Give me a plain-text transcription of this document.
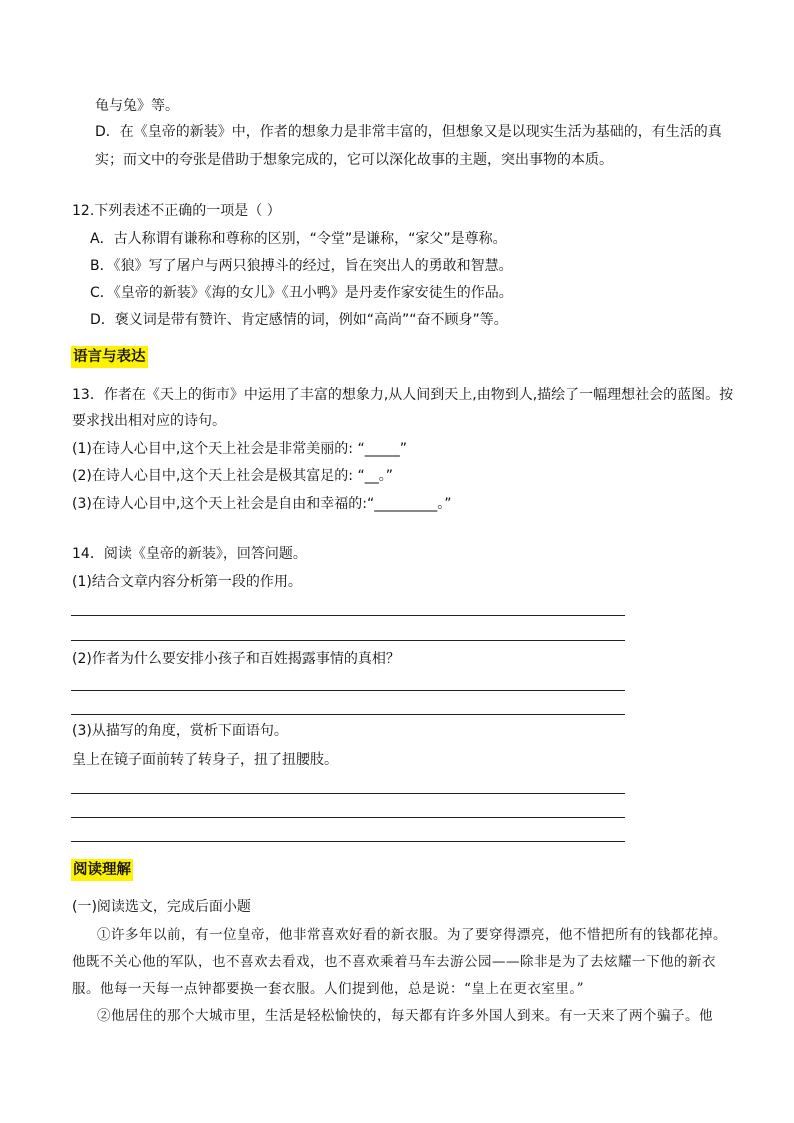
龟与兔》等。
D．在《皇帝的新装》中，作者的想象力是非常丰富的，但想象又是以现实生活为基础的，有生活的真
实；而文中的夸张是借助于想象完成的，它可以深化故事的主题，突出事物的本质。
12.下列表述不正确的一项是（ ）
A．古人称谓有谦称和尊称的区别，“令堂”是谦称，“家父”是尊称。
B．《狼》写了屠户与两只狼搏斗的经过，旨在突出人的勇敢和智慧。
C．《皇帝的新装》《海的女儿》《丑小鸭》是丹麦作家安徒生的作品。
D．褒义词是带有赞许、肯定感情的词，例如“高尚”“奋不顾身”等。
语言与表达
13．作者在《天上的街市》中运用了丰富的想象力,从人间到天上,由物到人,描绘了一幅理想社会的蓝图。按
要求找出相对应的诗句。
(1)在诗人心目中,这个天上社会是非常美丽的: “_____”
(2)在诗人心目中,这个天上社会是极其富足的: “__。”
(3)在诗人心目中,这个天上社会是自由和幸福的:“_________。”
14．阅读《皇帝的新装》，回答问题。
(1)结合文章内容分析第一段的作用。
(2)作者为什么要安排小孩子和百姓揭露事情的真相？
(3)从描写的角度，赏析下面语句。
皇上在镜子面前转了转身子，扭了扭腰肢。
阅读理解
(一)阅读选文，完成后面小题
①许多年以前，有一位皇帝，他非常喜欢好看的新衣服。为了要穿得漂亮，他不惜把所有的钱都花掉。
他既不关心他的军队，也不喜欢去看戏，也不喜欢乘着马车去游公园——除非是为了去炫耀一下他的新衣
服。他每一天每一点钟都要换一套衣服。人们提到他，总是说：“皇上在更衣室里。”
②他居住的那个大城市里，生活是轻松愉快的，每天都有许多外国人到来。有一天来了两个骗子。他
